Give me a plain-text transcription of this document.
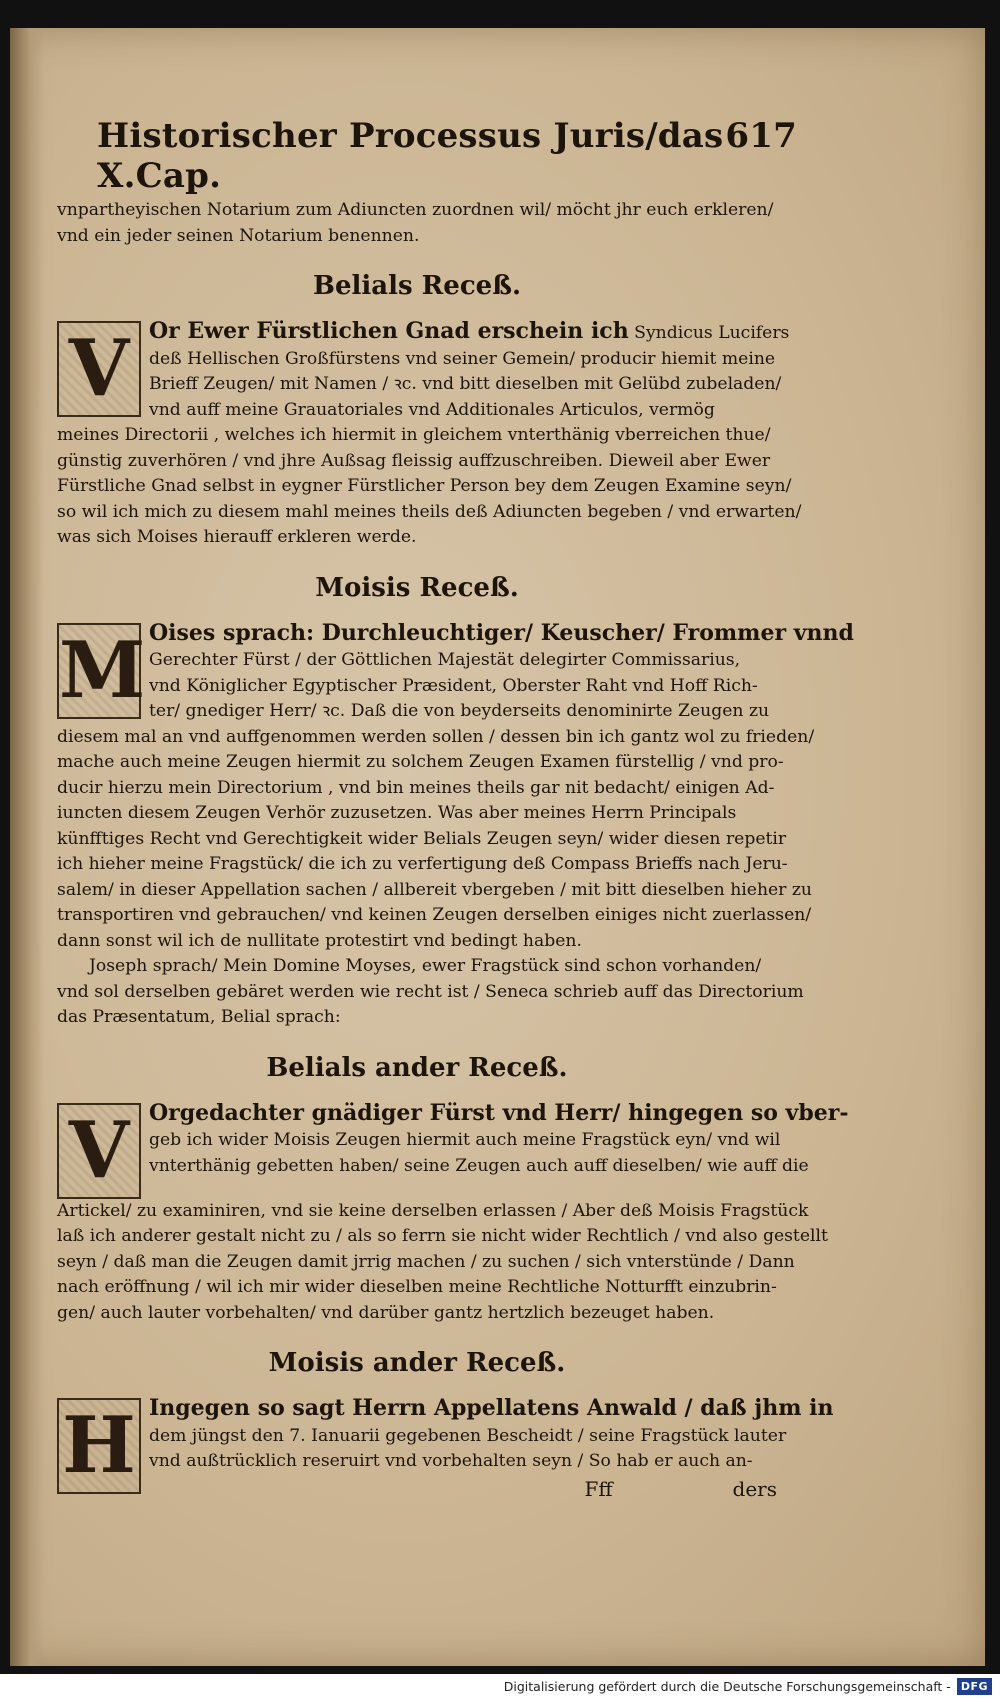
Historischer Processus Juris/das X.Cap.
617
vnpartheyischen Notarium zum Adiuncten zuordnen wil/ möcht jhr euch erkleren/
vnd ein jeder seinen Notarium benennen.
Belials Receß.
V Or Ewer Fürstlichen Gnad erschein ich Syndicus Lucifers
deß Hellischen Großfürstens vnd seiner Gemein/ producir hiemit meine
Brieff Zeugen/ mit Namen / ꝛc. vnd bitt dieselben mit Gelübd zubeladen/
vnd auff meine Grauatoriales vnd Additionales Articulos, vermög
meines Directorii , welches ich hiermit in gleichem vnterthänig vberreichen thue/
günstig zuverhören / vnd jhre Außsag fleissig auffzuschreiben. Dieweil aber Ewer
Fürstliche Gnad selbst in eygner Fürstlicher Person bey dem Zeugen Examine seyn/
so wil ich mich zu diesem mahl meines theils deß Adiuncten begeben / vnd erwarten/
was sich Moises hierauff erkleren werde.
Moisis Receß.
M Oises sprach: Durchleuchtiger/ Keuscher/ Frommer vnnd
Gerechter Fürst / der Göttlichen Majestät delegirter Commissarius,
vnd Königlicher Egyptischer Præsident, Oberster Raht vnd Hoff Rich-
ter/ gnediger Herr/ ꝛc. Daß die von beyderseits denominirte Zeugen zu
diesem mal an vnd auffgenommen werden sollen / dessen bin ich gantz wol zu frieden/
mache auch meine Zeugen hiermit zu solchem Zeugen Examen fürstellig / vnd pro-
ducir hierzu mein Directorium , vnd bin meines theils gar nit bedacht/ einigen Ad-
iuncten diesem Zeugen Verhör zuzusetzen. Was aber meines Herrn Principals
künfftiges Recht vnd Gerechtigkeit wider Belials Zeugen seyn/ wider diesen repetir
ich hieher meine Fragstück/ die ich zu verfertigung deß Compass Brieffs nach Jeru-
salem/ in dieser Appellation sachen / allbereit vbergeben / mit bitt dieselben hieher zu
transportiren vnd gebrauchen/ vnd keinen Zeugen derselben einiges nicht zuerlassen/
dann sonst wil ich de nullitate protestirt vnd bedingt haben.
Joseph sprach/ Mein Domine Moyses, ewer Fragstück sind schon vorhanden/
vnd sol derselben gebäret werden wie recht ist / Seneca schrieb auff das Directorium
das Præsentatum, Belial sprach:
Belials ander Receß.
V Orgedachter gnädiger Fürst vnd Herr/ hingegen so vber-
geb ich wider Moisis Zeugen hiermit auch meine Fragstück eyn/ vnd wil
vnterthänig gebetten haben/ seine Zeugen auch auff dieselben/ wie auff die
Artickel/ zu examiniren, vnd sie keine derselben erlassen / Aber deß Moisis Fragstück
laß ich anderer gestalt nicht zu / als so ferrn sie nicht wider Rechtlich / vnd also gestellt
seyn / daß man die Zeugen damit jrrig machen / zu suchen / sich vnterstünde / Dann
nach eröffnung / wil ich mir wider dieselben meine Rechtliche Notturfft einzubrin-
gen/ auch lauter vorbehalten/ vnd darüber gantz hertzlich bezeuget haben.
Moisis ander Receß.
H Ingegen so sagt Herrn Appellatens Anwald / daß jhm in
dem jüngst den 7. Ianuarii gegebenen Bescheidt / seine Fragstück lauter
vnd außtrücklich reseruirt vnd vorbehalten seyn / So hab er auch an-
Fff	ders
Digitalisierung gefördert durch die Deutsche Forschungsgemeinschaft - DFG
